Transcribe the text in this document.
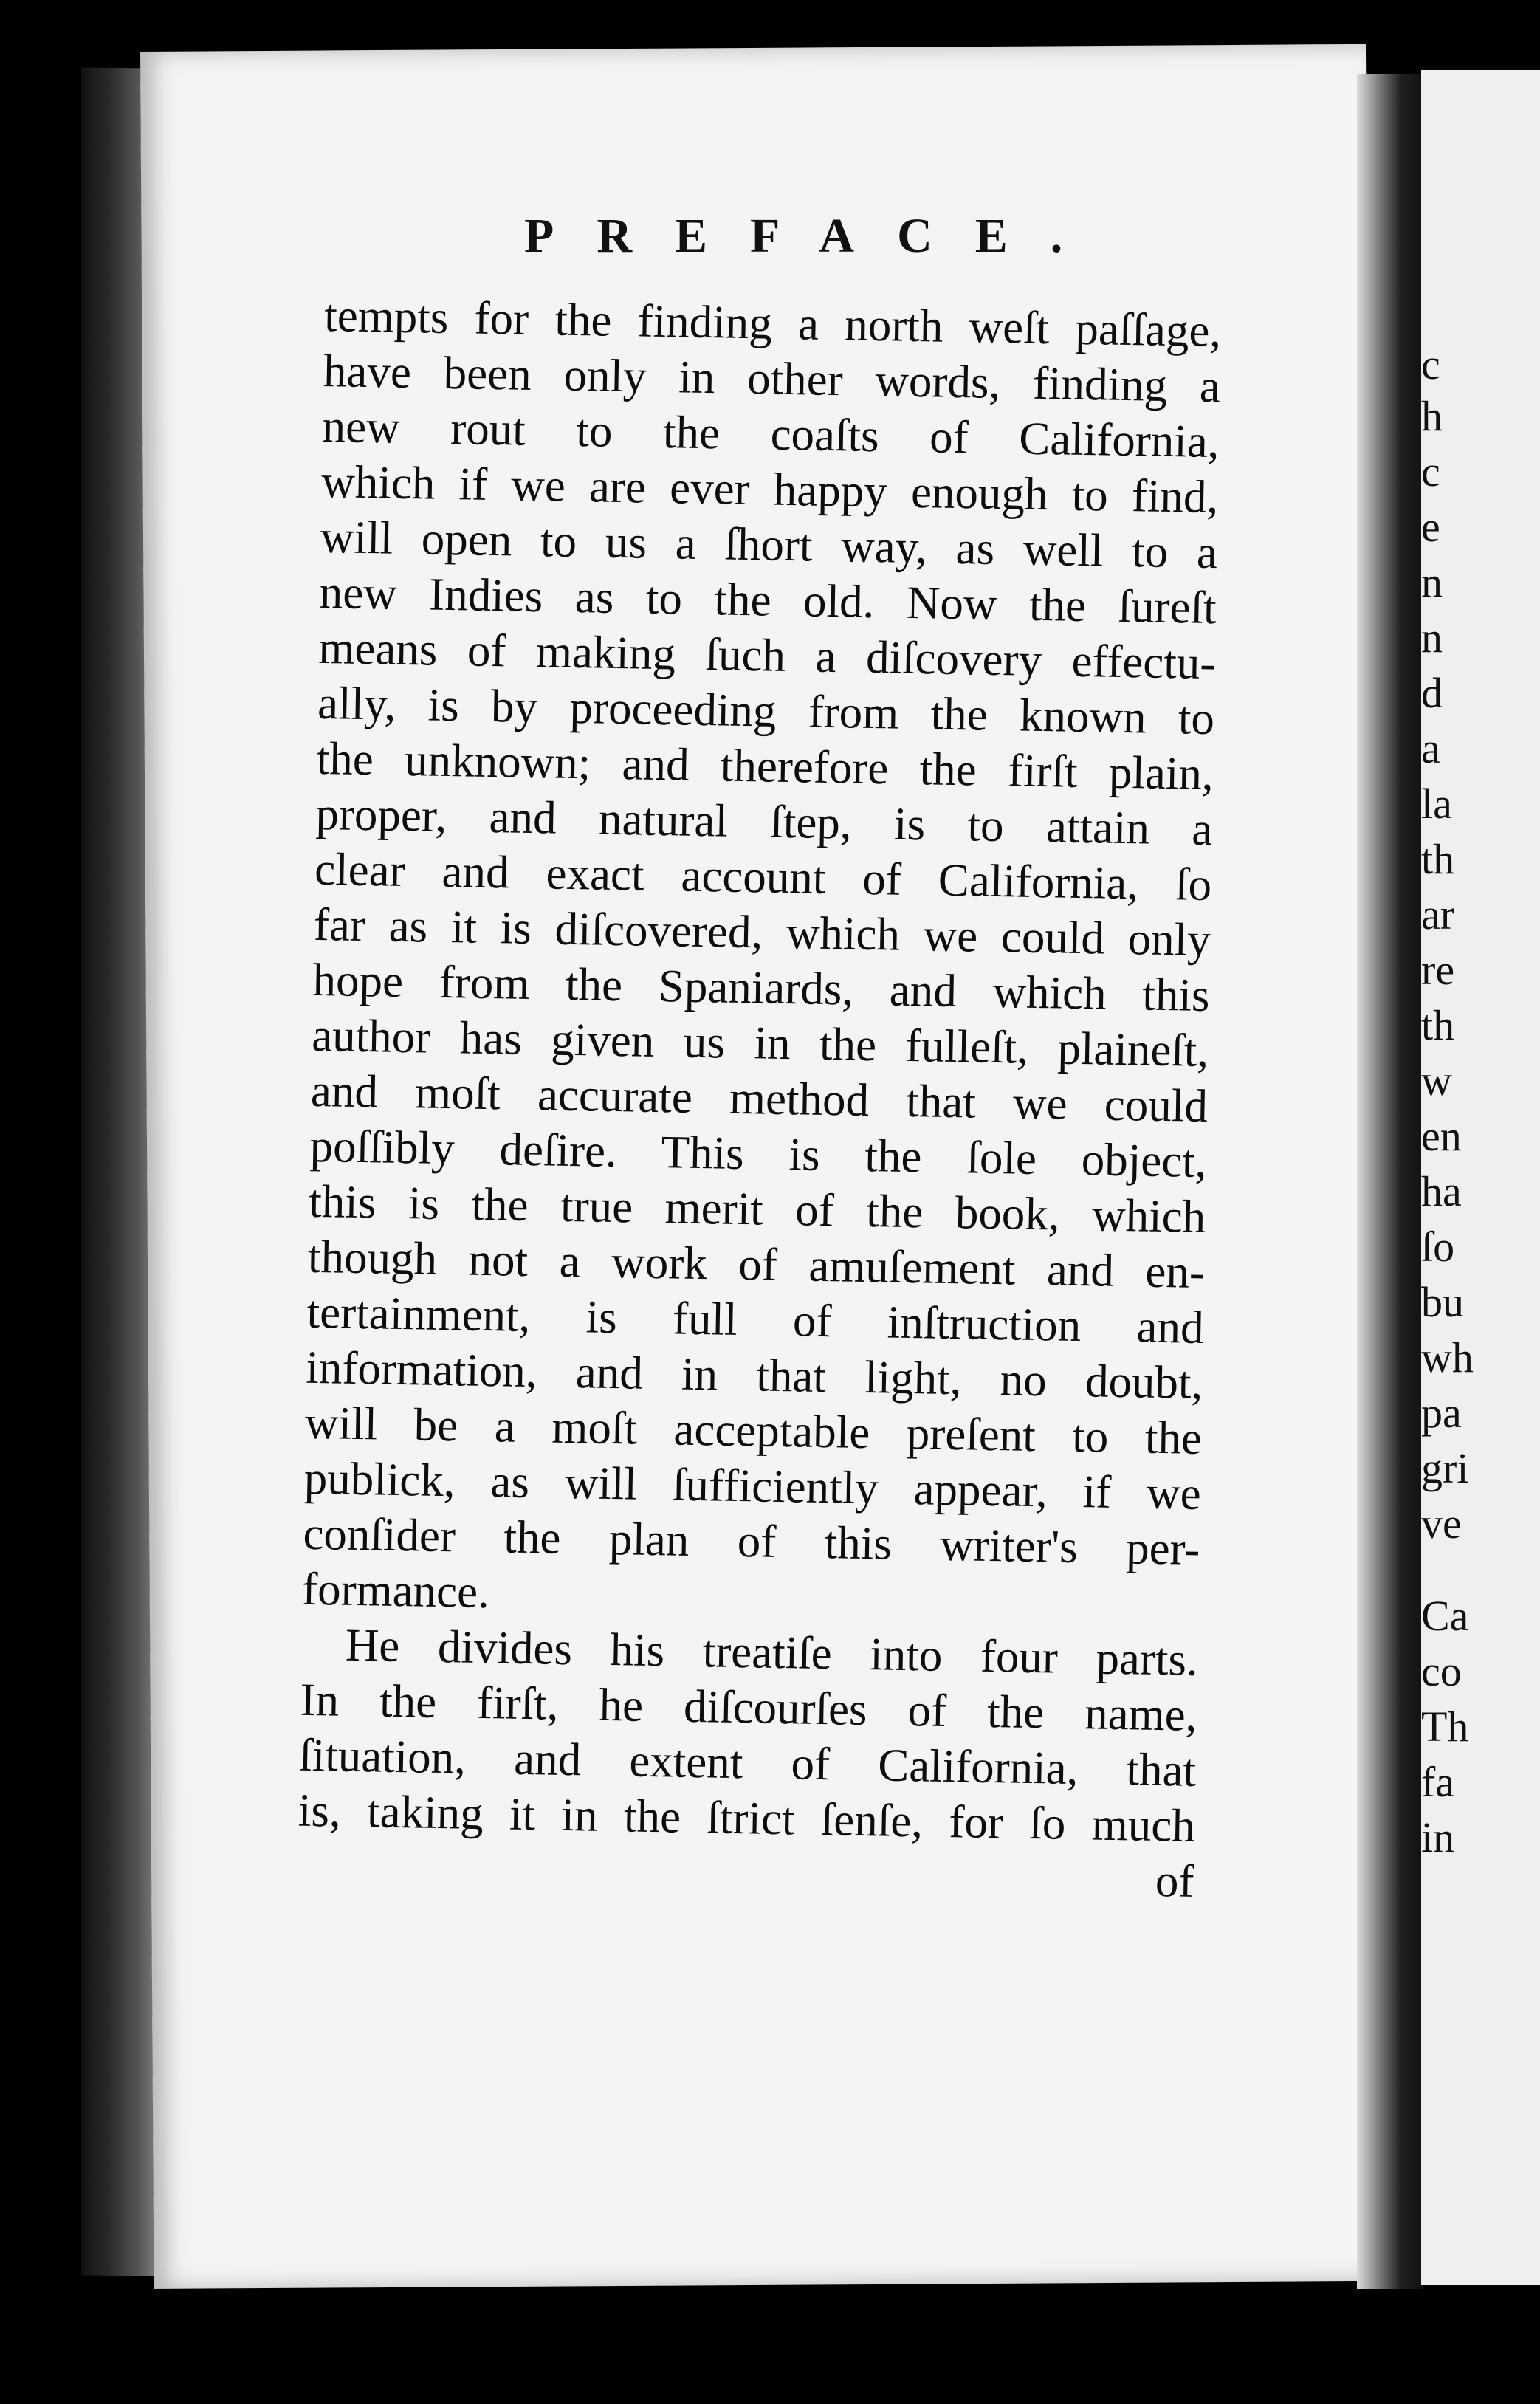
c
h
c
e
n
n
d
a
la
th
ar
re
th
w
en
ha
ſo
bu
wh
pa
gri
ve
Ca
co
Th
fa
in
PREFACE.
tempts for the finding a north weſt paſſage,
have been only in other words, finding a
new rout to the coaſts of California,
which if we are ever happy enough to find,
will open to us a ſhort way, as well to a
new Indies as to the old. Now the ſureſt
means of making ſuch a diſcovery effectu-
ally, is by proceeding from the known to
the unknown; and therefore the firſt plain,
proper, and natural ſtep, is to attain a
clear and exact account of California, ſo
far as it is diſcovered, which we could only
hope from the Spaniards, and which this
author has given us in the fulleſt, plaineſt,
and moſt accurate method that we could
poſſibly deſire. This is the ſole object,
this is the true merit of the book, which
though not a work of amuſement and en-
tertainment, is full of inſtruction and
information, and in that light, no doubt,
will be a moſt acceptable preſent to the
publick, as will ſufficiently appear, if we
conſider the plan of this writer's per-
formance.
He divides his treatiſe into four parts.
In the firſt, he diſcourſes of the name,
ſituation, and extent of California, that
is, taking it in the ſtrict ſenſe, for ſo much
of
